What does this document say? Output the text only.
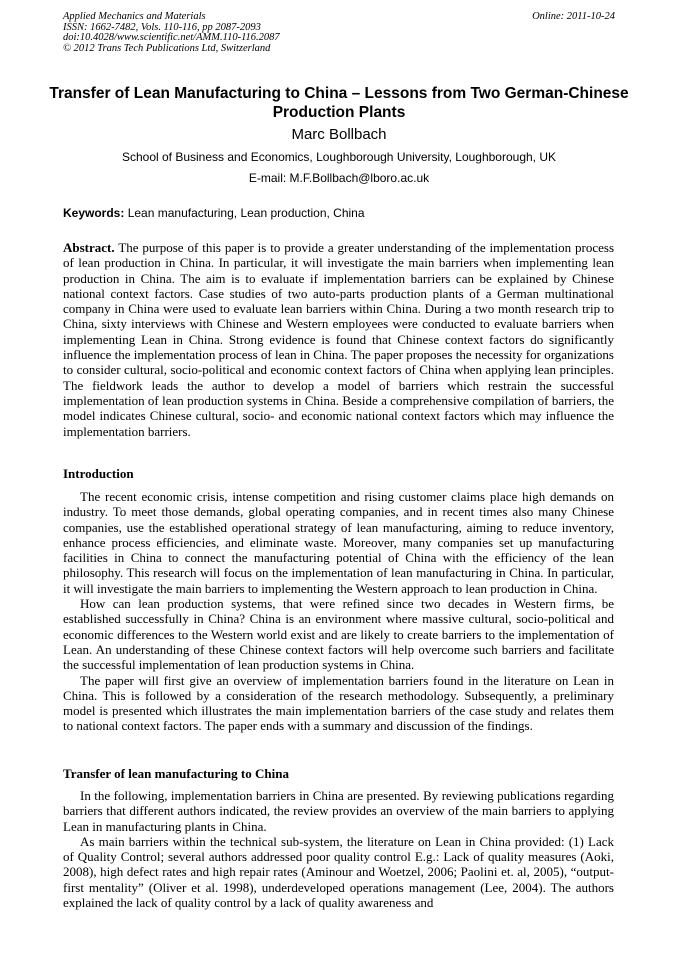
Applied Mechanics and Materials
ISSN: 1662-7482, Vols. 110-116, pp 2087-2093
doi:10.4028/www.scientific.net/AMM.110-116.2087
© 2012 Trans Tech Publications Ltd, Switzerland
Online: 2011-10-24
Transfer of Lean Manufacturing to China – Lessons from Two German-Chinese Production Plants
Marc Bollbach
School of Business and Economics, Loughborough University, Loughborough, UK
E-mail: M.F.Bollbach@lboro.ac.uk
Keywords: Lean manufacturing, Lean production, China

Abstract. The purpose of this paper is to provide a greater understanding of the implementation process of lean production in China. In particular, it will investigate the main barriers when implementing lean production in China. The aim is to evaluate if implementation barriers can be explained by Chinese national context factors. Case studies of two auto-parts production plants of a German multinational company in China were used to evaluate lean barriers within China. During a two month research trip to China, sixty interviews with Chinese and Western employees were conducted to evaluate barriers when implementing Lean in China. Strong evidence is found that Chinese context factors do significantly influence the implementation process of lean in China. The paper proposes the necessity for organizations to consider cultural, socio-political and economic context factors of China when applying lean principles. The fieldwork leads the author to develop a model of barriers which restrain the successful implementation of lean production systems in China. Beside a comprehensive compilation of barriers, the model indicates Chinese cultural, socio- and economic national context factors which may influence the implementation barriers.

Introduction

The recent economic crisis, intense competition and rising customer claims place high demands on industry. To meet those demands, global operating companies, and in recent times also many Chinese companies, use the established operational strategy of lean manufacturing, aiming to reduce inventory, enhance process efficiencies, and eliminate waste. Moreover, many companies set up manufacturing facilities in China to connect the manufacturing potential of China with the efficiency of the lean philosophy. This research will focus on the implementation of lean manufacturing in China. In particular, it will investigate the main barriers to implementing the Western approach to lean production in China.

How can lean production systems, that were refined since two decades in Western firms, be established successfully in China? China is an environment where massive cultural, socio-political and economic differences to the Western world exist and are likely to create barriers to the implementation of Lean. An understanding of these Chinese context factors will help overcome such barriers and facilitate the successful implementation of lean production systems in China.

The paper will first give an overview of implementation barriers found in the literature on Lean in China. This is followed by a consideration of the research methodology. Subsequently, a preliminary model is presented which illustrates the main implementation barriers of the case study and relates them to national context factors. The paper ends with a summary and discussion of the findings.

Transfer of lean manufacturing to China

In the following, implementation barriers in China are presented. By reviewing publications regarding barriers that different authors indicated, the review provides an overview of the main barriers to applying Lean in manufacturing plants in China.

As main barriers within the technical sub-system, the literature on Lean in China provided: (1) Lack of Quality Control; several authors addressed poor quality control E.g.: Lack of quality measures (Aoki, 2008), high defect rates and high repair rates (Aminour and Woetzel, 2006; Paolini et. al, 2005), “output-first mentality” (Oliver et al. 1998), underdeveloped operations management (Lee, 2004). The authors explained the lack of quality control by a lack of quality awareness and
